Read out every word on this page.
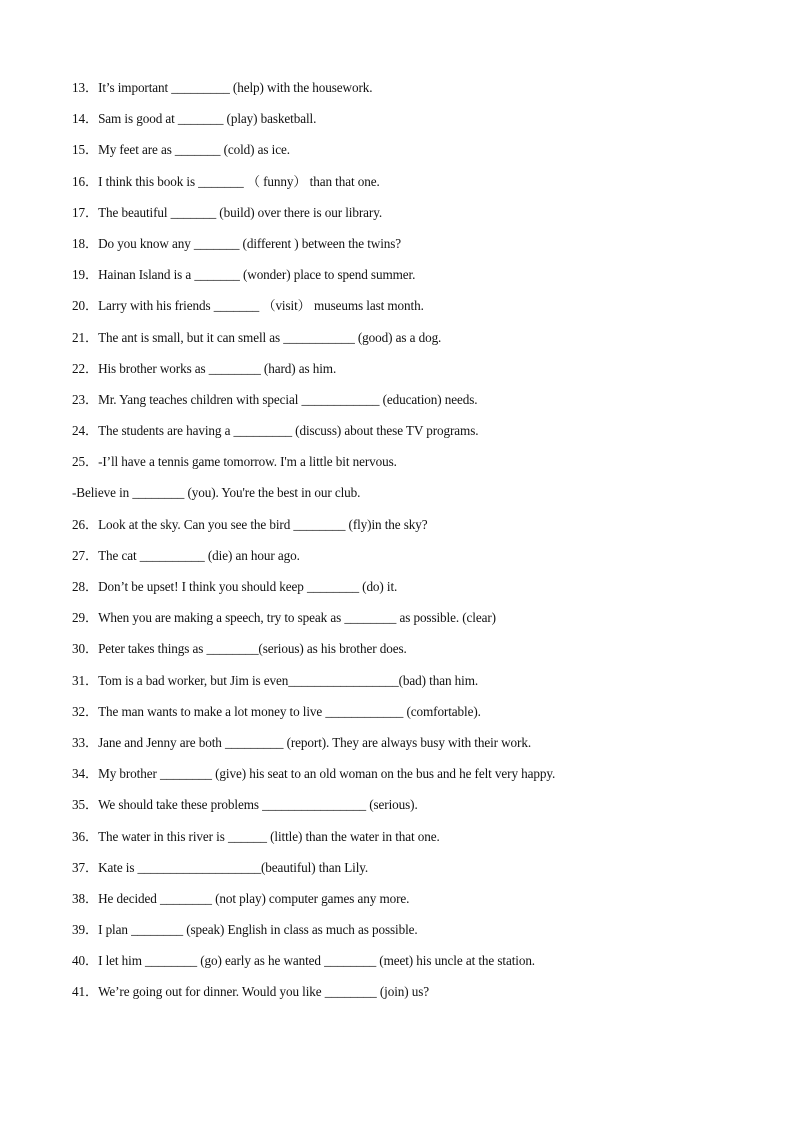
13．It’s important _________ (help) with the housework.
14．Sam is good at _______ (play) basketball.
15．My feet are as _______ (cold) as ice.
16．I think this book is _______ （ funny） than that one.
17．The beautiful _______ (build) over there is our library.
18．Do you know any _______ (different ) between the twins?
19．Hainan Island is a _______ (wonder) place to spend summer.
20．Larry with his friends _______ （visit） museums last month.
21．The ant is small, but it can smell as ___________ (good) as a dog.
22．His brother works as ________ (hard) as him.
23．Mr. Yang teaches children with special ____________ (education) needs.
24．The students are having a _________ (discuss) about these TV programs.
25．-I’ll have a tennis game tomorrow. I'm a little bit nervous.
-Believe in ________ (you). You're the best in our club.
26．Look at the sky. Can you see the bird ________ (fly)in the sky?
27．The cat __________ (die) an hour ago.
28．Don’t be upset! I think you should keep ________ (do) it.
29．When you are making a speech, try to speak as ________ as possible. (clear)
30．Peter takes things as ________(serious) as his brother does.
31．Tom is a bad worker, but Jim is even_________________(bad) than him.
32．The man wants to make a lot money to live ____________ (comfortable).
33．Jane and Jenny are both _________ (report). They are always busy with their work.
34．My brother ________ (give) his seat to an old woman on the bus and he felt very happy.
35．We should take these problems ________________ (serious).
36．The water in this river is ______ (little) than the water in that one.
37．Kate is ___________________(beautiful) than Lily.
38．He decided ________ (not play) computer games any more.
39．I plan ________ (speak) English in class as much as possible.
40．I let him ________ (go) early as he wanted ________ (meet) his uncle at the station.
41．We’re going out for dinner. Would you like ________ (join) us?
